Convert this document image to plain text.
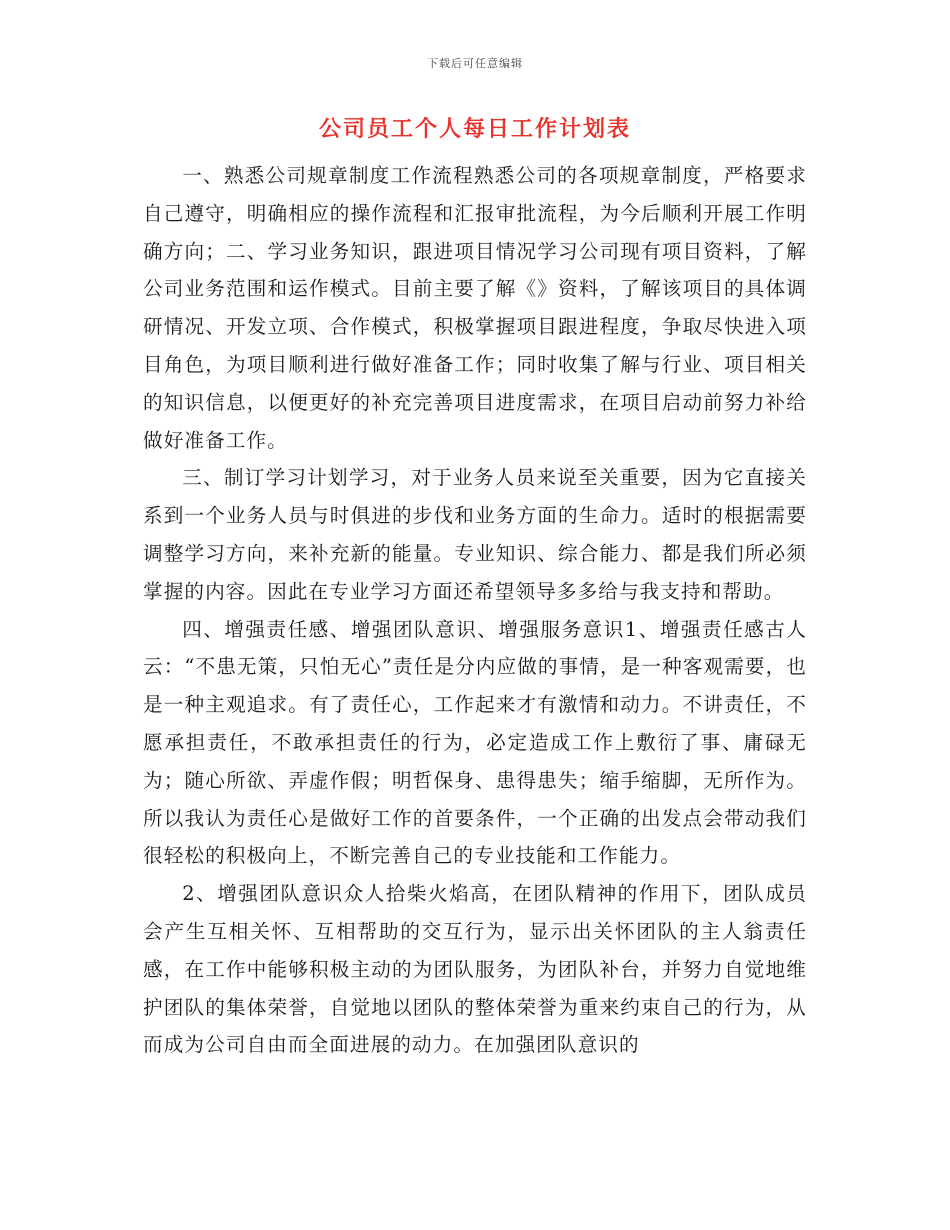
下载后可任意编辑
公司员工个人每日工作计划表

一、熟悉公司规章制度工作流程熟悉公司的各项规章制度，严格要求自己遵守，明确相应的操作流程和汇报审批流程，为今后顺利开展工作明确方向；二、学习业务知识，跟进项目情况学习公司现有项目资料，了解公司业务范围和运作模式。目前主要了解《》资料，了解该项目的具体调研情况、开发立项、合作模式，积极掌握项目跟进程度，争取尽快进入项目角色，为项目顺利进行做好准备工作；同时收集了解与行业、项目相关的知识信息，以便更好的补充完善项目进度需求，在项目启动前努力补给做好准备工作。

三、制订学习计划学习，对于业务人员来说至关重要，因为它直接关系到一个业务人员与时俱进的步伐和业务方面的生命力。适时的根据需要调整学习方向，来补充新的能量。专业知识、综合能力、都是我们所必须掌握的内容。因此在专业学习方面还希望领导多多给与我支持和帮助。

四、增强责任感、增强团队意识、增强服务意识1、增强责任感古人云：“不患无策，只怕无心”责任是分内应做的事情，是一种客观需要，也是一种主观追求。有了责任心，工作起来才有激情和动力。不讲责任，不愿承担责任，不敢承担责任的行为，必定造成工作上敷衍了事、庸碌无为；随心所欲、弄虚作假；明哲保身、患得患失；缩手缩脚，无所作为。所以我认为责任心是做好工作的首要条件，一个正确的出发点会带动我们很轻松的积极向上，不断完善自己的专业技能和工作能力。

2、增强团队意识众人拾柴火焰高，在团队精神的作用下，团队成员会产生互相关怀、互相帮助的交互行为，显示出关怀团队的主人翁责任感，在工作中能够积极主动的为团队服务，为团队补台，并努力自觉地维护团队的集体荣誉，自觉地以团队的整体荣誉为重来约束自己的行为，从而成为公司自由而全面进展的动力。在加强团队意识的
